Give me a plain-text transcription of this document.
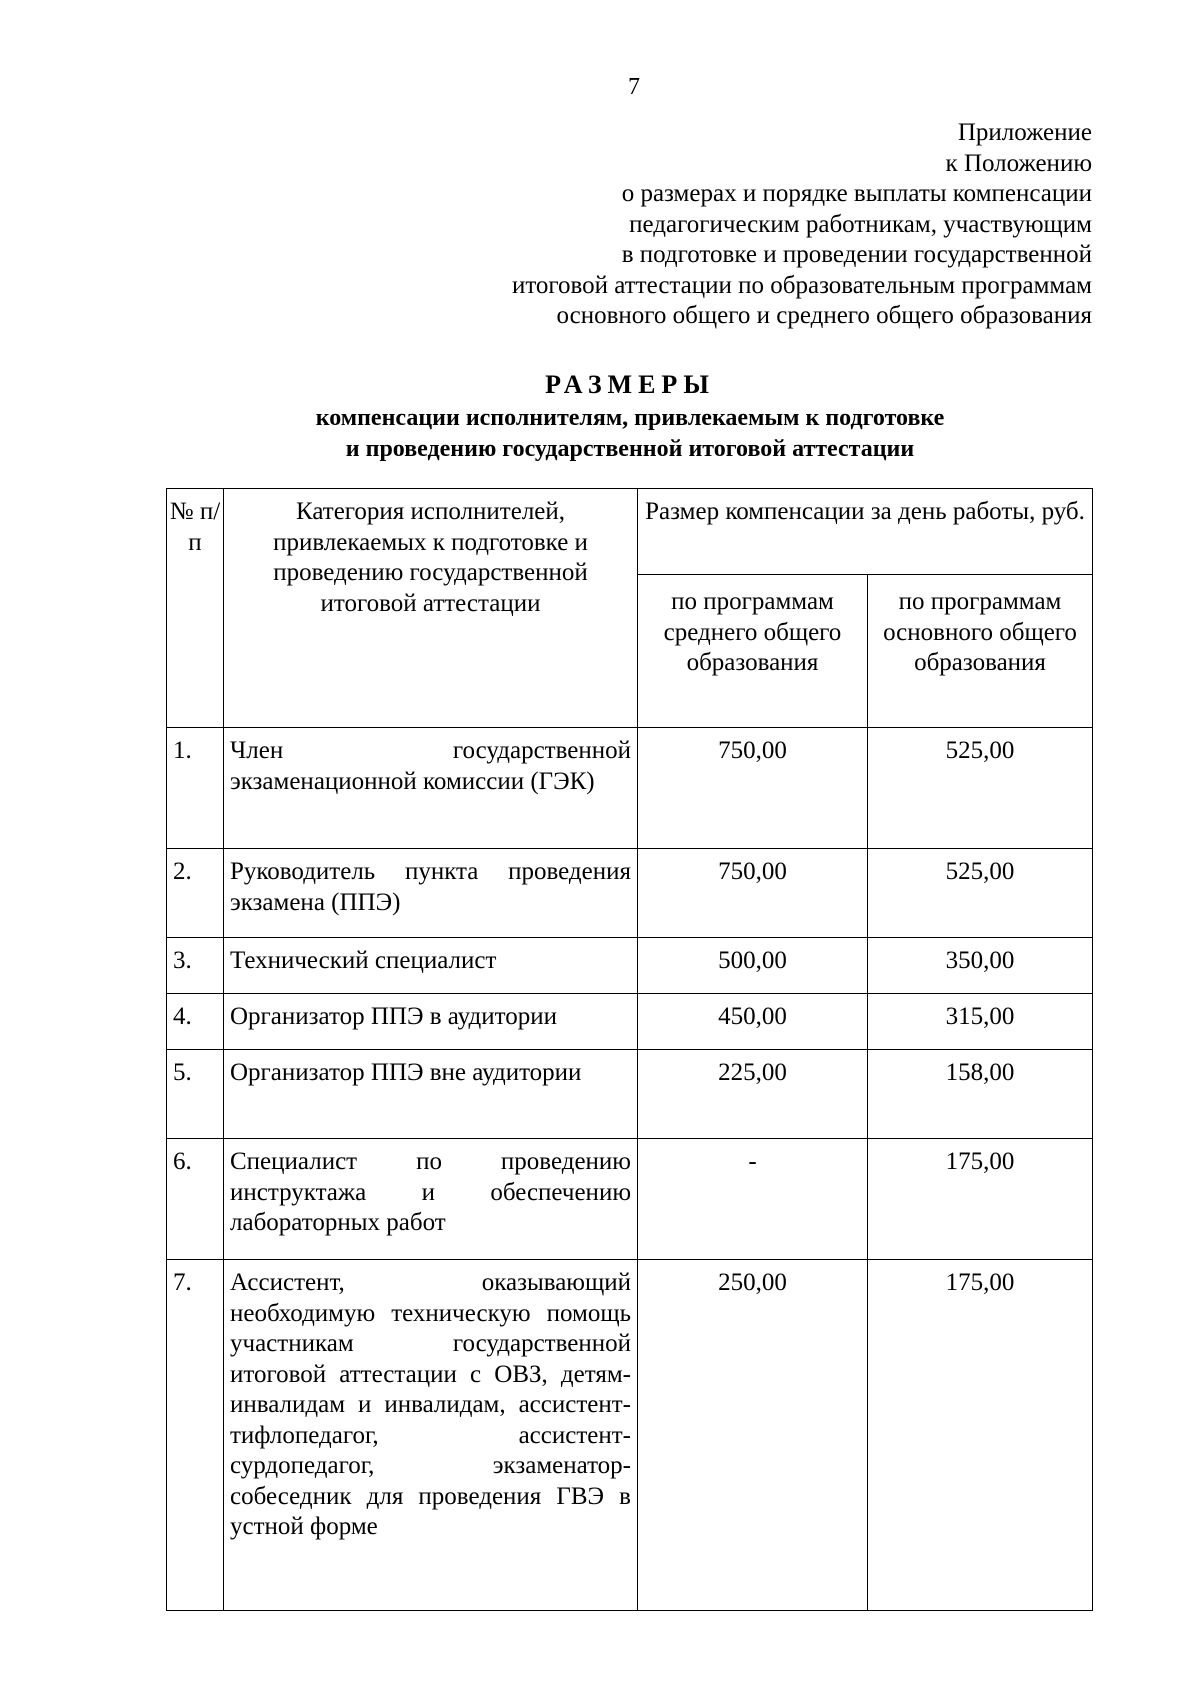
7
Приложение
к Положению
о размерах и порядке выплаты компенсации
педагогическим работникам, участвующим
в подготовке и проведении государственной
итоговой аттестации по образовательным программам
основного общего и среднего общего образования
РАЗМЕРЫ
компенсации исполнителям, привлекаемым к подготовке
и проведению государственной итоговой аттестации
№ п/п	Категория исполнителей, привлекаемых к подготовке и проведению государственной итоговой аттестации	Размер компенсации за день работы, руб.	
		по программам среднего общего образования	по программам основного общего образования
1.	Член государственной экзаменационной комиссии (ГЭК)	750,00	525,00
2.	Руководитель пункта проведения экзамена (ППЭ)	750,00	525,00
3.	Технический специалист	500,00	350,00
4.	Организатор ППЭ в аудитории	450,00	315,00
5.	Организатор ППЭ вне аудитории	225,00	158,00
6.	Специалист по проведению инструктажа и обеспечению лабораторных работ	-	175,00
7.	Ассистент, оказывающий необходимую техническую помощь участникам государственной итоговой аттестации с ОВЗ, детям-инвалидам и инвалидам, ассистент-тифлопедагог, ассистент-сурдопедагог, экзаменатор-собеседник для проведения ГВЭ в устной форме	250,00	175,00
